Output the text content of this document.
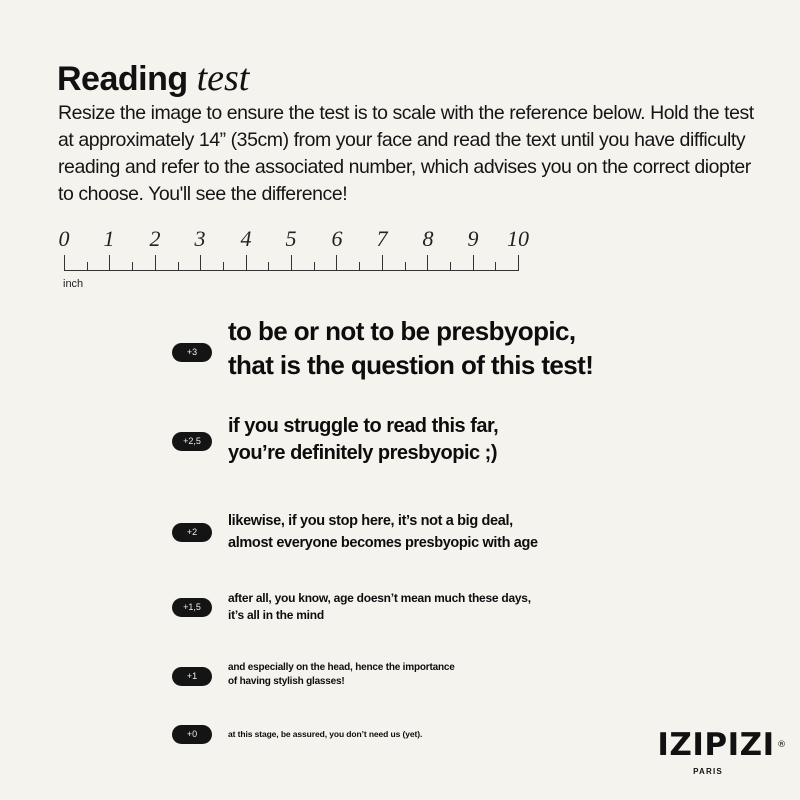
Reading test

Resize the image to ensure the test is to scale with the reference below. Hold the test at approximately 14” (35cm) from your face and read the text until you have difficulty reading and refer to the associated number, which advises you on the correct diopter to choose. You'll see the difference!

0 1 2 3 4 5 6 7 8 9 10
inch
+3
to be or not to be presbyopic,
that is the question of this test!
+2,5
if you struggle to read this far,
you’re definitely presbyopic ;)
+2
likewise, if you stop here, it’s not a big deal,
almost everyone becomes presbyopic with age
+1,5
after all, you know, age doesn’t mean much these days,
it’s all in the mind
+1
and especially on the head, hence the importance
of having stylish glasses!
+0	at this stage, be assured, you don’t need us (yet).	IZIPIZI ®
PARIS
